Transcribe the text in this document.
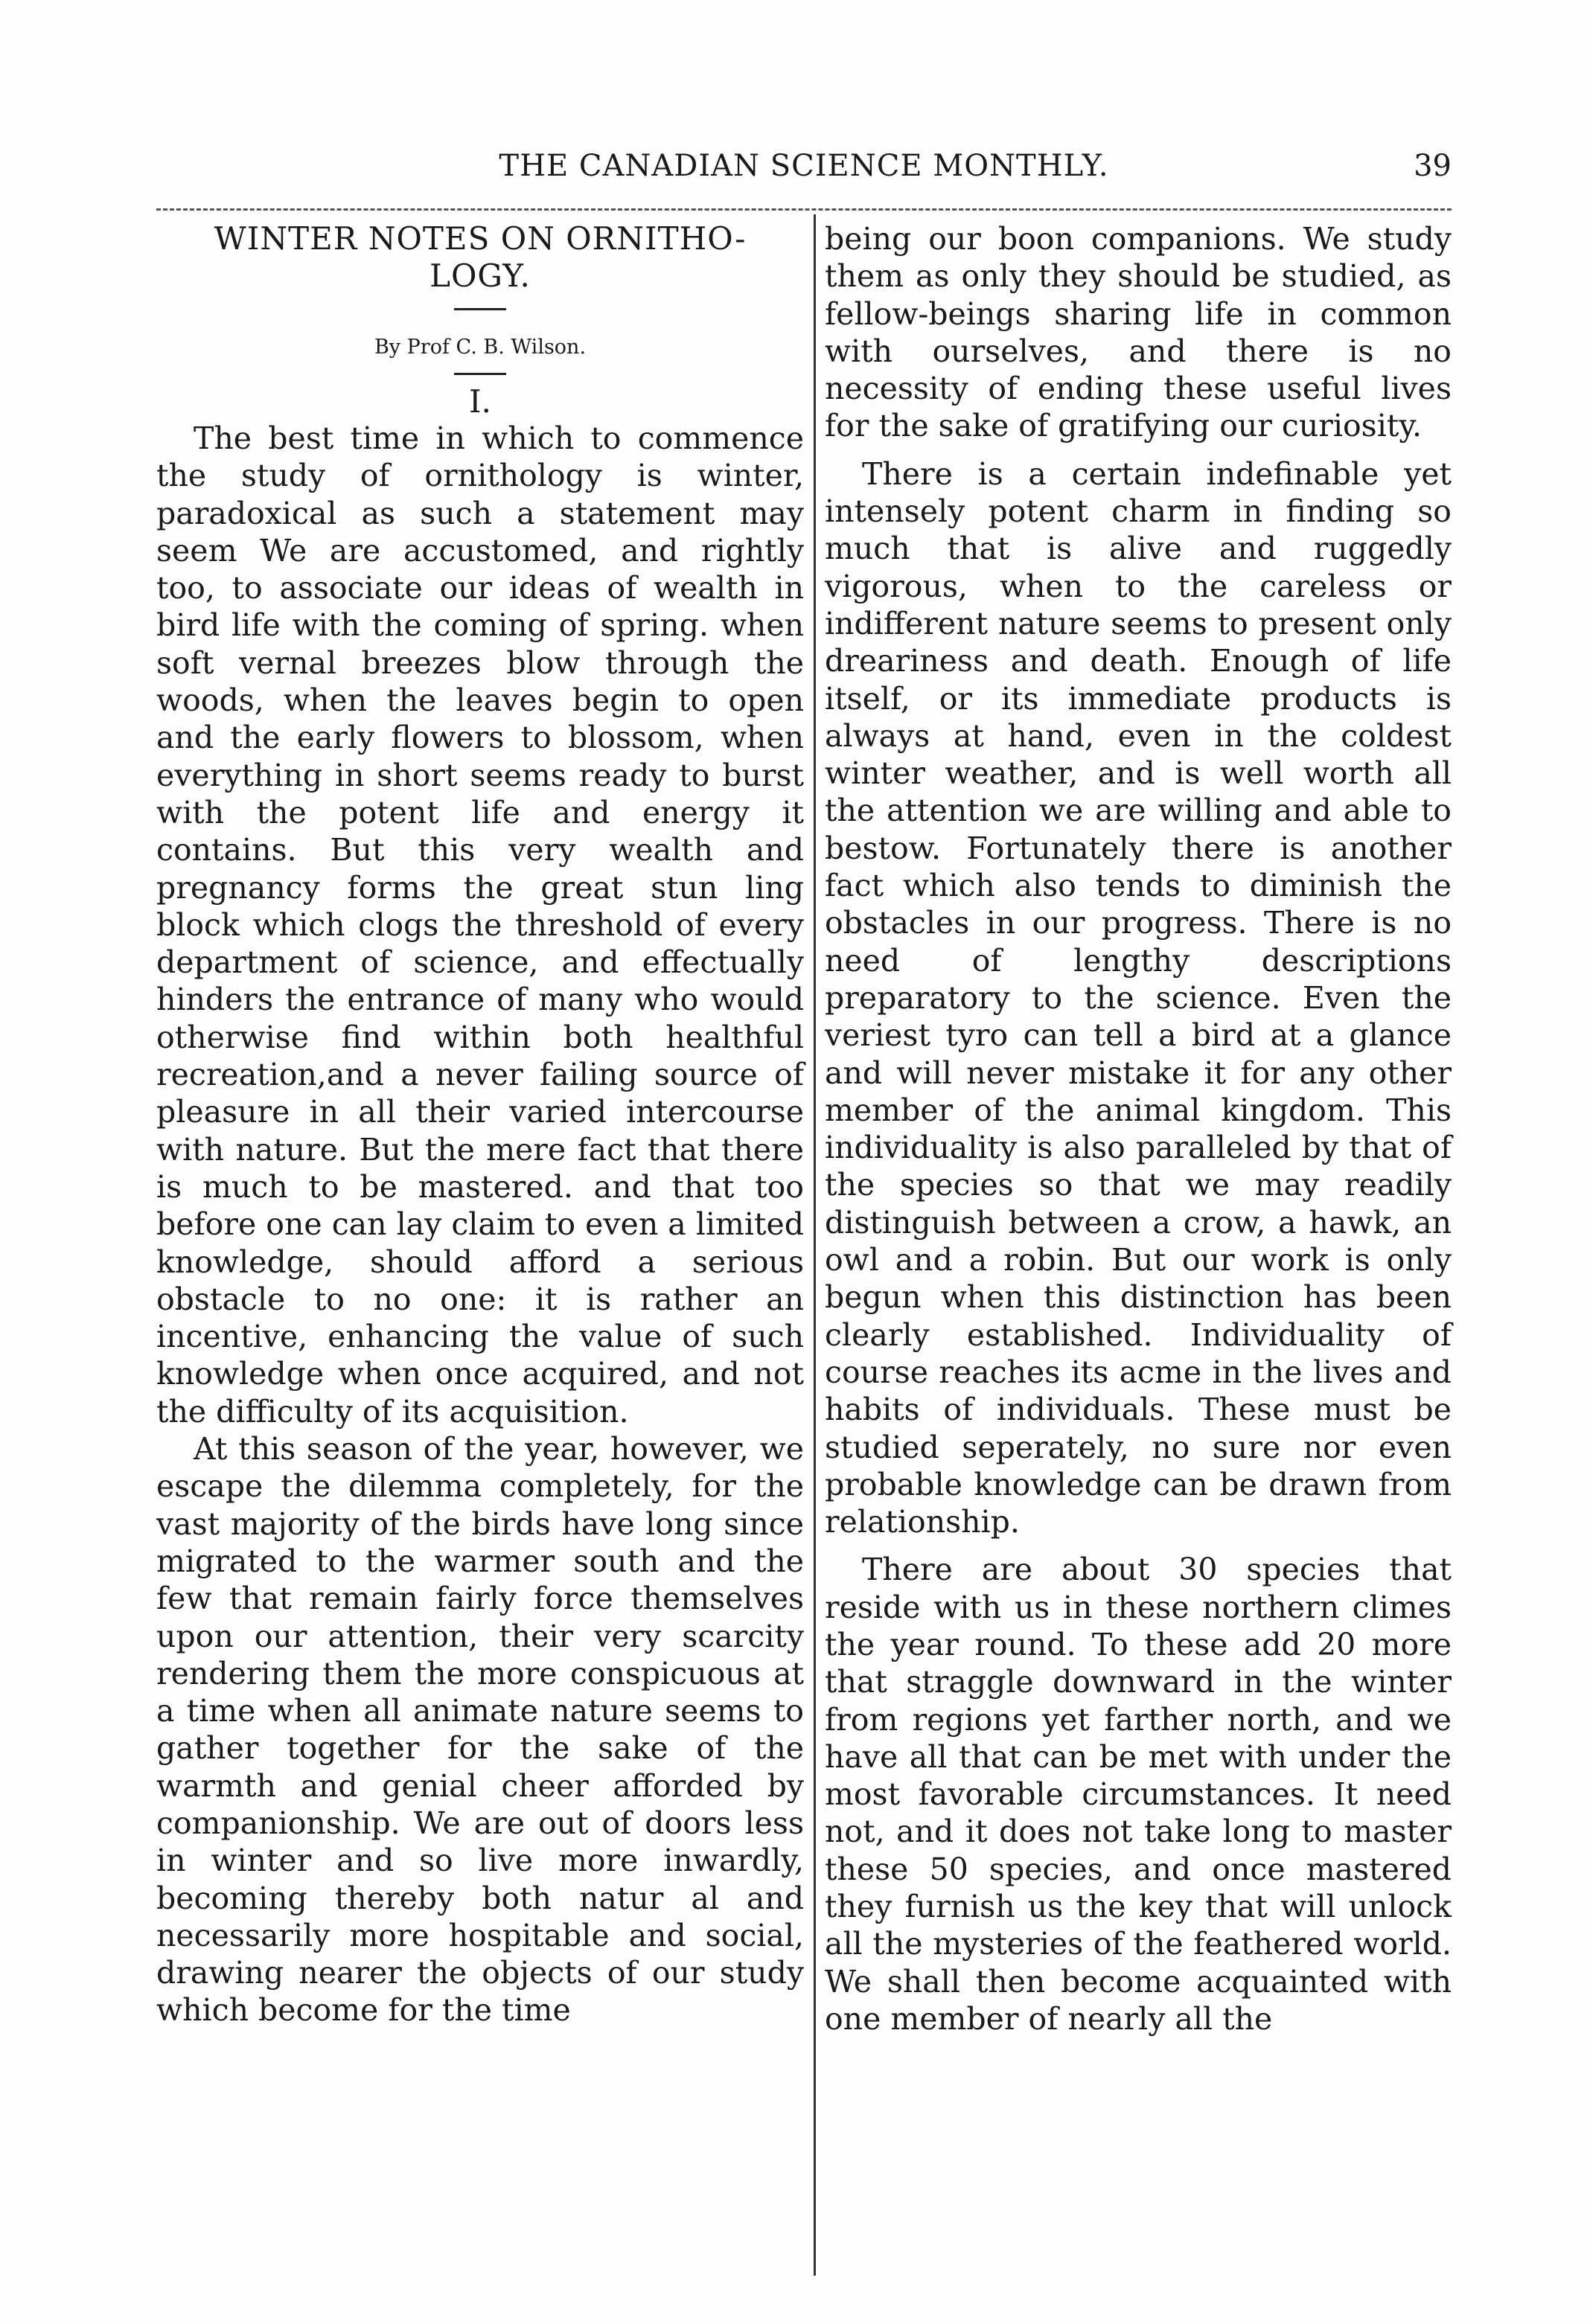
THE CANADIAN SCIENCE MONTHLY.	39
WINTER NOTES ON ORNITHO-
LOGY.
By Prof C. B. Wilson.
I.

The best time in which to commence the study of ornithology is winter, paradoxical as such a statement may seem We are accustomed, and rightly too, to associate our ideas of wealth in bird life with the coming of spring. when soft vernal breezes blow through the woods, when the leaves begin to open and the early flowers to blossom, when everything in short seems ready to burst with the potent life and energy it contains. But this very wealth and pregnancy forms the great stun ling block which clogs the threshold of every department of science, and effectually hinders the entrance of many who would otherwise find within both healthful recreation,and a never failing source of pleasure in all their varied intercourse with nature. But the mere fact that there is much to be mastered. and that too before one can lay claim to even a limited knowledge, should afford a serious obstacle to no one: it is rather an incentive, enhancing the value of such knowledge when once acquired, and not the difficulty of its acquisition.

At this season of the year, however, we escape the dilemma completely, for the vast majority of the birds have long since migrated to the warmer south and the few that remain fairly force themselves upon our attention, their very scarcity rendering them the more conspicuous at a time when all animate nature seems to gather together for the sake of the warmth and genial cheer afforded by companionship. We are out of doors less in winter and so live more inwardly, becoming thereby both natur al and necessarily more hospitable and social, drawing nearer the objects of our study which become for the time

being our boon companions. We study them as only they should be studied, as fellow-beings sharing life in common with ourselves, and there is no necessity of ending these useful lives for the sake of gratifying our curiosity.

There is a certain indefinable yet intensely potent charm in finding so much that is alive and ruggedly vigorous, when to the careless or indifferent nature seems to present only dreariness and death. Enough of life itself, or its immediate products is always at hand, even in the coldest winter weather, and is well worth all the attention we are willing and able to bestow. Fortunately there is another fact which also tends to diminish the obstacles in our progress. There is no need of lengthy descriptions preparatory to the science. Even the veriest tyro can tell a bird at a glance and will never mistake it for any other member of the animal kingdom. This individuality is also paralleled by that of the species so that we may readily distinguish between a crow, a hawk, an owl and a robin. But our work is only begun when this distinction has been clearly established. Individuality of course reaches its acme in the lives and habits of individuals. These must be studied seperately, no sure nor even probable knowledge can be drawn from relationship.

There are about 30 species that reside with us in these northern climes the year round. To these add 20 more that straggle downward in the winter from regions yet farther north, and we have all that can be met with under the most favorable circumstances. It need not, and it does not take long to master these 50 species, and once mastered they furnish us the key that will unlock all the mysteries of the feathered world. We shall then become acquainted with one member of nearly all the
